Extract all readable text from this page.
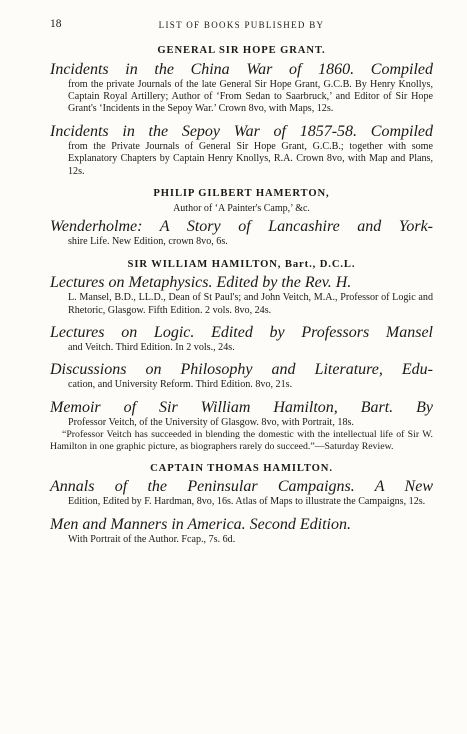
18	LIST OF BOOKS PUBLISHED BY
GENERAL SIR HOPE GRANT.

Incidents in the China War of 1860. Compiled

from the private Journals of the late General Sir Hope Grant, G.C.B. By Henry Knollys, Captain Royal Artillery; Author of ‘From Sedan to Saarbruck,’ and Editor of Sir Hope Grant's ‘Incidents in the Sepoy War.’ Crown 8vo, with Maps, 12s.

Incidents in the Sepoy War of 1857-58. Compiled

from the Private Journals of General Sir Hope Grant, G.C.B.; together with some Explanatory Chapters by Captain Henry Knollys, R.A. Crown 8vo, with Map and Plans, 12s.

PHILIP GILBERT HAMERTON,
Author of ‘A Painter's Camp,’ &c.

Wenderholme: A Story of Lancashire and York-

shire Life. New Edition, crown 8vo, 6s.

SIR WILLIAM HAMILTON, Bart., D.C.L.

Lectures on Metaphysics. Edited by the Rev. H.

L. Mansel, B.D., LL.D., Dean of St Paul's; and John Veitch, M.A., Professor of Logic and Rhetoric, Glasgow. Fifth Edition. 2 vols. 8vo, 24s.

Lectures on Logic. Edited by Professors Mansel

and Veitch. Third Edition. In 2 vols., 24s.

Discussions on Philosophy and Literature, Edu-

cation, and University Reform. Third Edition. 8vo, 21s.

Memoir of Sir William Hamilton, Bart. By

Professor Veitch, of the University of Glasgow. 8vo, with Portrait, 18s.

“Professor Veitch has succeeded in blending the domestic with the intellectual life of Sir W. Hamilton in one graphic picture, as biographers rarely do succeed.”—Saturday Review.

CAPTAIN THOMAS HAMILTON.

Annals of the Peninsular Campaigns. A New

Edition, Edited by F. Hardman, 8vo, 16s. Atlas of Maps to illustrate the Campaigns, 12s.

Men and Manners in America. Second Edition.

With Portrait of the Author. Fcap., 7s. 6d.
